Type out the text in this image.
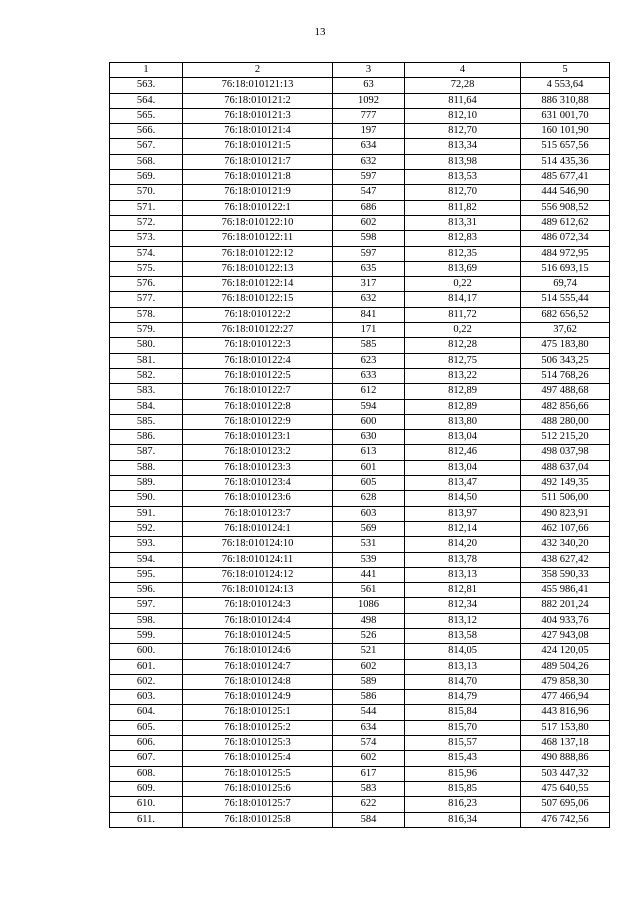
13
1	2	3	4	5
563.	76:18:010121:13	63	72,28	4 553,64
564.	76:18:010121:2	1092	811,64	886 310,88
565.	76:18:010121:3	777	812,10	631 001,70
566.	76:18:010121:4	197	812,70	160 101,90
567.	76:18:010121:5	634	813,34	515 657,56
568.	76:18:010121:7	632	813,98	514 435,36
569.	76:18:010121:8	597	813,53	485 677,41
570.	76:18:010121:9	547	812,70	444 546,90
571.	76:18:010122:1	686	811,82	556 908,52
572.	76:18:010122:10	602	813,31	489 612,62
573.	76:18:010122:11	598	812,83	486 072,34
574.	76:18:010122:12	597	812,35	484 972,95
575.	76:18:010122:13	635	813,69	516 693,15
576.	76:18:010122:14	317	0,22	69,74
577.	76:18:010122:15	632	814,17	514 555,44
578.	76:18:010122:2	841	811,72	682 656,52
579.	76:18:010122:27	171	0,22	37,62
580.	76:18:010122:3	585	812,28	475 183,80
581.	76:18:010122:4	623	812,75	506 343,25
582.	76:18:010122:5	633	813,22	514 768,26
583.	76:18:010122:7	612	812,89	497 488,68
584.	76:18:010122:8	594	812,89	482 856,66
585.	76:18:010122:9	600	813,80	488 280,00
586.	76:18:010123:1	630	813,04	512 215,20
587.	76:18:010123:2	613	812,46	498 037,98
588.	76:18:010123:3	601	813,04	488 637,04
589.	76:18:010123:4	605	813,47	492 149,35
590.	76:18:010123:6	628	814,50	511 506,00
591.	76:18:010123:7	603	813,97	490 823,91
592.	76:18:010124:1	569	812,14	462 107,66
593.	76:18:010124:10	531	814,20	432 340,20
594.	76:18:010124:11	539	813,78	438 627,42
595.	76:18:010124:12	441	813,13	358 590,33
596.	76:18:010124:13	561	812,81	455 986,41
597.	76:18:010124:3	1086	812,34	882 201,24
598.	76:18:010124:4	498	813,12	404 933,76
599.	76:18:010124:5	526	813,58	427 943,08
600.	76:18:010124:6	521	814,05	424 120,05
601.	76:18:010124:7	602	813,13	489 504,26
602.	76:18:010124:8	589	814,70	479 858,30
603.	76:18:010124:9	586	814,79	477 466,94
604.	76:18:010125:1	544	815,84	443 816,96
605.	76:18:010125:2	634	815,70	517 153,80
606.	76:18:010125:3	574	815,57	468 137,18
607.	76:18:010125:4	602	815,43	490 888,86
608.	76:18:010125:5	617	815,96	503 447,32
609.	76:18:010125:6	583	815,85	475 640,55
610.	76:18:010125:7	622	816,23	507 695,06
611.	76:18:010125:8	584	816,34	476 742,56
